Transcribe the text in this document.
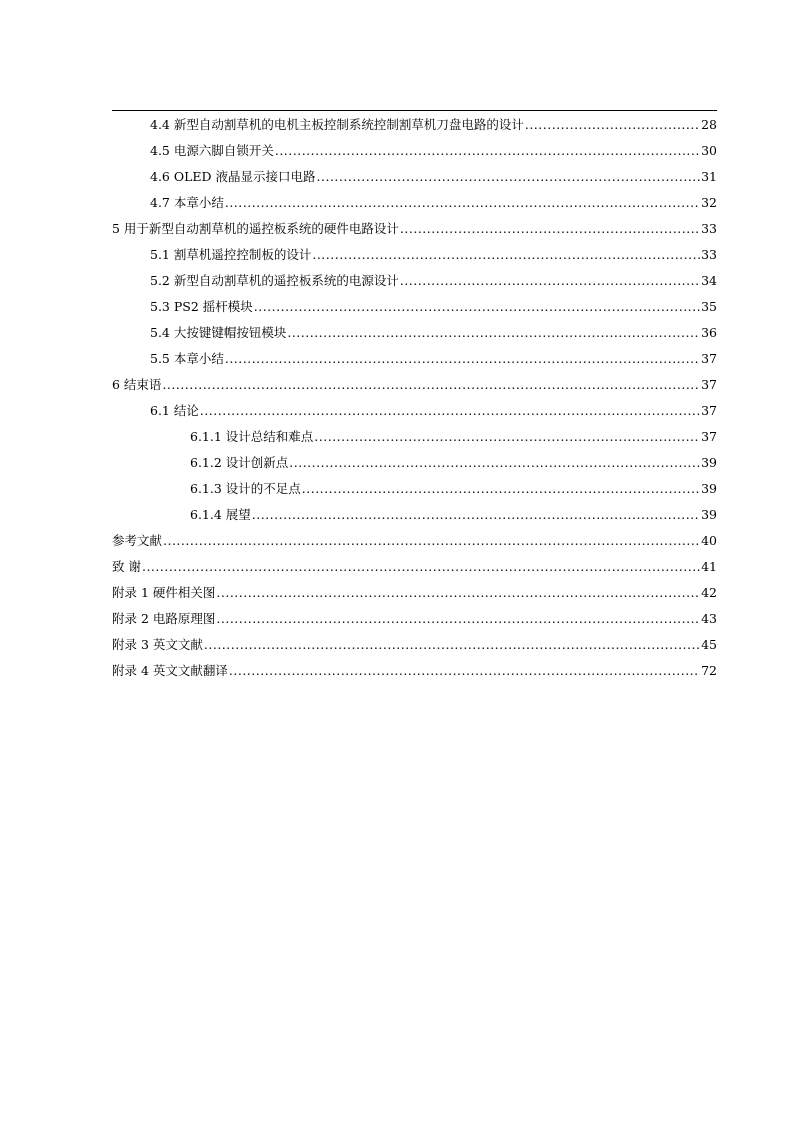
4.4 新型自动割草机的电机主板控制系统控制割草机刀盘电路的设计 .....	28
4.5 电源六脚自锁开关 .....	30
4.6 OLED 液晶显示接口电路 .....	31
4.7 本章小结 .....	32
5 用于新型自动割草机的遥控板系统的硬件电路设计 .....	33
5.1 割草机遥控控制板的设计 .....	33
5.2 新型自动割草机的遥控板系统的电源设计 .....	34
5.3 PS2 摇杆模块 .....	35
5.4 大按键键帽按钮模块 .....	36
5.5 本章小结 .....	37
6 结束语 .....	37
6.1 结论 .....	37
6.1.1 设计总结和难点 .....	37
6.1.2 设计创新点 .....	39
6.1.3 设计的不足点 .....	39
6.1.4 展望 .....	39
参考文献 .....	40
致 谢 .....	41
附录 1 硬件相关图 .....	42
附录 2 电路原理图 .....	43
附录 3 英文文献 .....	45
附录 4 英文文献翻译 .....	72
